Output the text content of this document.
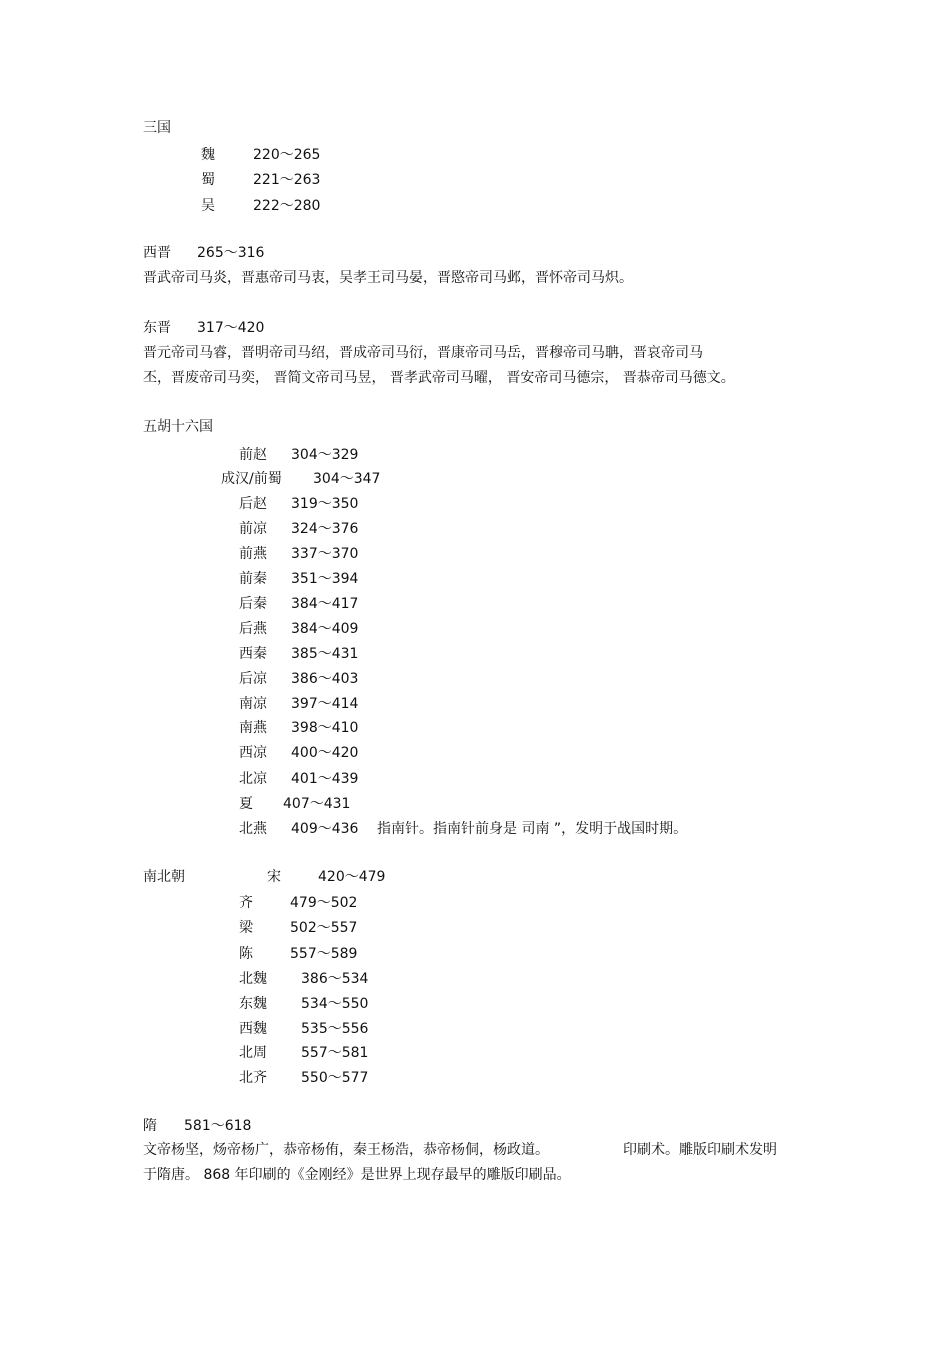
三国
魏	220～265
蜀	221～263
吴	222～280
西晋 265～316
晋武帝司马炎，晋惠帝司马衷，吴孝王司马晏，晋愍帝司马邺，晋怀帝司马炽。
东晋 317～420
晋元帝司马睿，晋明帝司马绍，晋成帝司马衍，晋康帝司马岳，晋穆帝司马聃，晋哀帝司马
丕，晋废帝司马奕， 晋简文帝司马昱， 晋孝武帝司马曜， 晋安帝司马德宗， 晋恭帝司马德文。
五胡十六国
前赵 304～329
成汉/前蜀 304～347
后赵 319～350
前凉 324～376
前燕 337～370
前秦 351～394
后秦 384～417
后燕 384～409
西秦 385～431
后凉 386～403
南凉 397～414
南燕 398～410
西凉 400～420
北凉 401～439
夏 407～431
北燕 409～436 指南针。指南针前身是 司南 ”，发明于战国时期。
南北朝	宋	420～479
齐	479～502
梁	502～557
陈	557～589
北魏 386～534
东魏 534～550
西魏 535～556
北周 557～581
北齐 550～577
隋 581～618
文帝杨坚，炀帝杨广，恭帝杨侑，秦王杨浩，恭帝杨侗，杨政道。	印刷术。雕版印刷术发明
于隋唐。 868 年印刷的《金刚经》是世界上现存最早的雕版印刷品。
